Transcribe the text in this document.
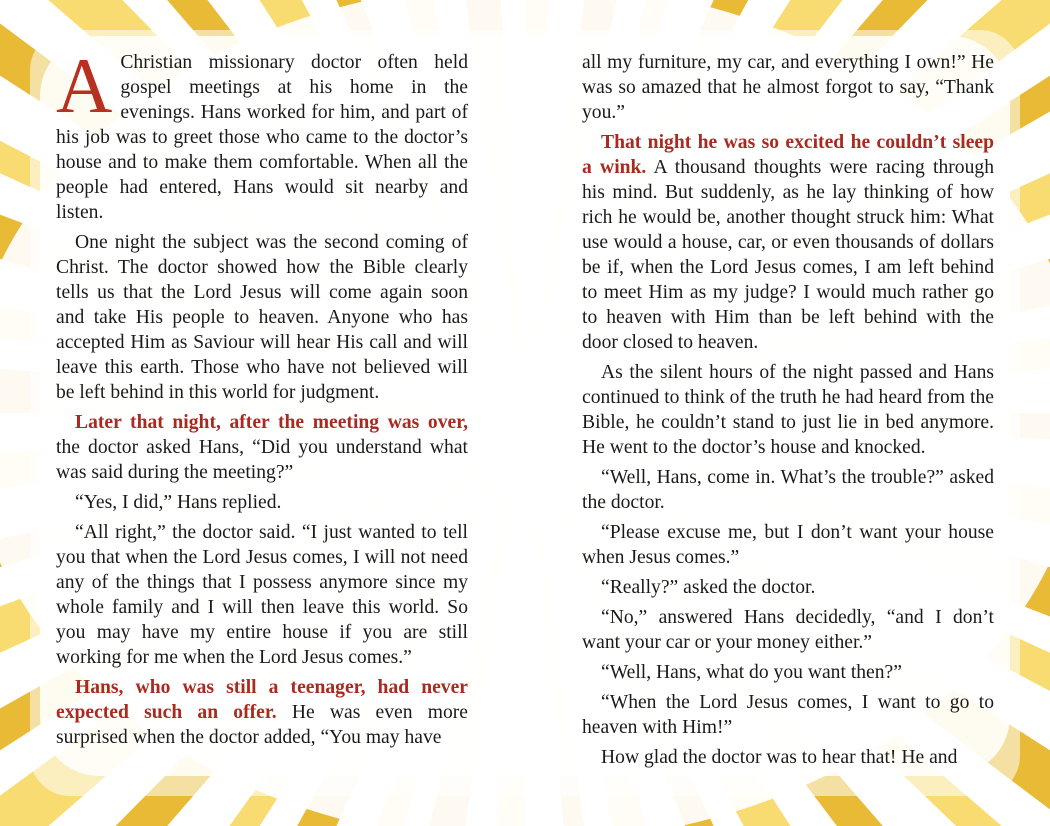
A Christian missionary doctor often held gospel meetings at his home in the evenings. Hans worked for him, and part of his job was to greet those who came to the doctor’s house and to make them comfortable. When all the people had entered, Hans would sit nearby and listen.

One night the subject was the second coming of Christ. The doctor showed how the Bible clearly tells us that the Lord Jesus will come again soon and take His people to heaven. Anyone who has accepted Him as Saviour will hear His call and will leave this earth. Those who have not believed will be left behind in this world for judgment.

Later that night, after the meeting was over, the doctor asked Hans, “Did you understand what was said during the meeting?”

“Yes, I did,” Hans replied.

“All right,” the doctor said. “I just wanted to tell you that when the Lord Jesus comes, I will not need any of the things that I possess anymore since my whole family and I will then leave this world. So you may have my entire house if you are still working for me when the Lord Jesus comes.”

Hans, who was still a teenager, had never expected such an offer. He was even more surprised when the doctor added, “You may have

all my furniture, my car, and everything I own!” He was so amazed that he almost forgot to say, “Thank you.”

That night he was so excited he couldn’t sleep a wink. A thousand thoughts were racing through his mind. But suddenly, as he lay thinking of how rich he would be, another thought struck him: What use would a house, car, or even thousands of dollars be if, when the Lord Jesus comes, I am left behind to meet Him as my judge? I would much rather go to heaven with Him than be left behind with the door closed to heaven.

As the silent hours of the night passed and Hans continued to think of the truth he had heard from the Bible, he couldn’t stand to just lie in bed anymore. He went to the doctor’s house and knocked.

“Well, Hans, come in. What’s the trouble?” asked the doctor.

“Please excuse me, but I don’t want your house when Jesus comes.”

“Really?” asked the doctor.

“No,” answered Hans decidedly, “and I don’t want your car or your money either.”

“Well, Hans, what do you want then?”

“When the Lord Jesus comes, I want to go to heaven with Him!”

How glad the doctor was to hear that! He and
